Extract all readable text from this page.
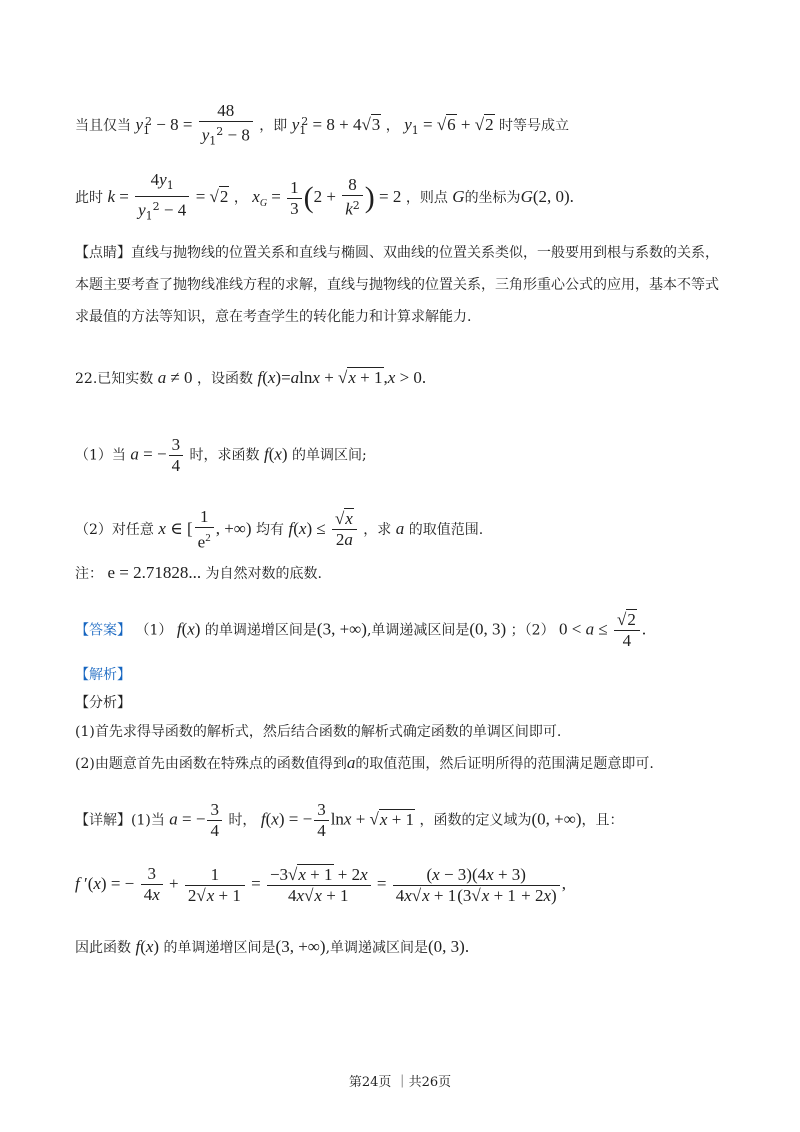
当且仅当 $y_1^2 - 8 = \frac{48}{y_1^2 - 8}$ ，即 $y_1^2 = 8 + 4√3$ ， $y_1 = √6 + √2$ 时等号成立
此时 $k = \frac{4y_1}{y_1^2 - 4} = √2$ ， $x_G = \frac{1}{3} (2 + \frac{8}{k^2}$ ) = 2 ，则点 G的坐标为G(2, 0).
【点睛】直线与抛物线的位置关系和直线与椭圆、双曲线的位置关系类似，一般要用到根与系数的关系，
本题主要考查了抛物线准线方程的求解，直线与抛物线的位置关系，三角形重心公式的应用，基本不等式
求最值的方法等知识，意在考查学生的转化能力和计算求解能力.
22.已知实数 a ≠ 0 ，设函数 f(x)=alnx + √x + 1,x > 0.
（1）当 a = − $\frac{3}{4}$ 时，求函数 f(x) 的单调区间;
（2）对任意 x ∈ [ $\frac{1}{e^2}$ , +∞) 均有 $f(x) \le \frac{√x}{2a}$ ，求 a 的取值范围.
注： e = 2.71828... 为自然对数的底数.
【答案】 （1） f(x) 的单调递增区间是(3, +∞),单调递减区间是(0, 3) ；（2） $0 < a \le \frac{√2}{4}$ .
【解析】
【分析】
(1)首先求得导函数的解析式，然后结合函数的解析式确定函数的单调区间即可.
(2)由题意首先由函数在特殊点的函数值得到a的取值范围，然后证明所得的范围满足题意即可.
【详解】(1)当 a = − $\frac{3}{4}$ 时， f(x) = − $\frac{3}{4}$ lnx + √x + 1 ，函数的定义域为(0, +∞)，且：
f ′(x) = − $\frac{3}{4x} + \frac{1}{2√x + 1} = \frac{-3√x + 1 + 2x}{4x√x + 1} = \frac{(x - 3)(4x + 3)}{4x√x + 1(3√x + 1 + 2x)}$ ,
因此函数 f(x) 的单调递增区间是(3, +∞),单调递减区间是(0, 3).
第24页 ｜共26页
